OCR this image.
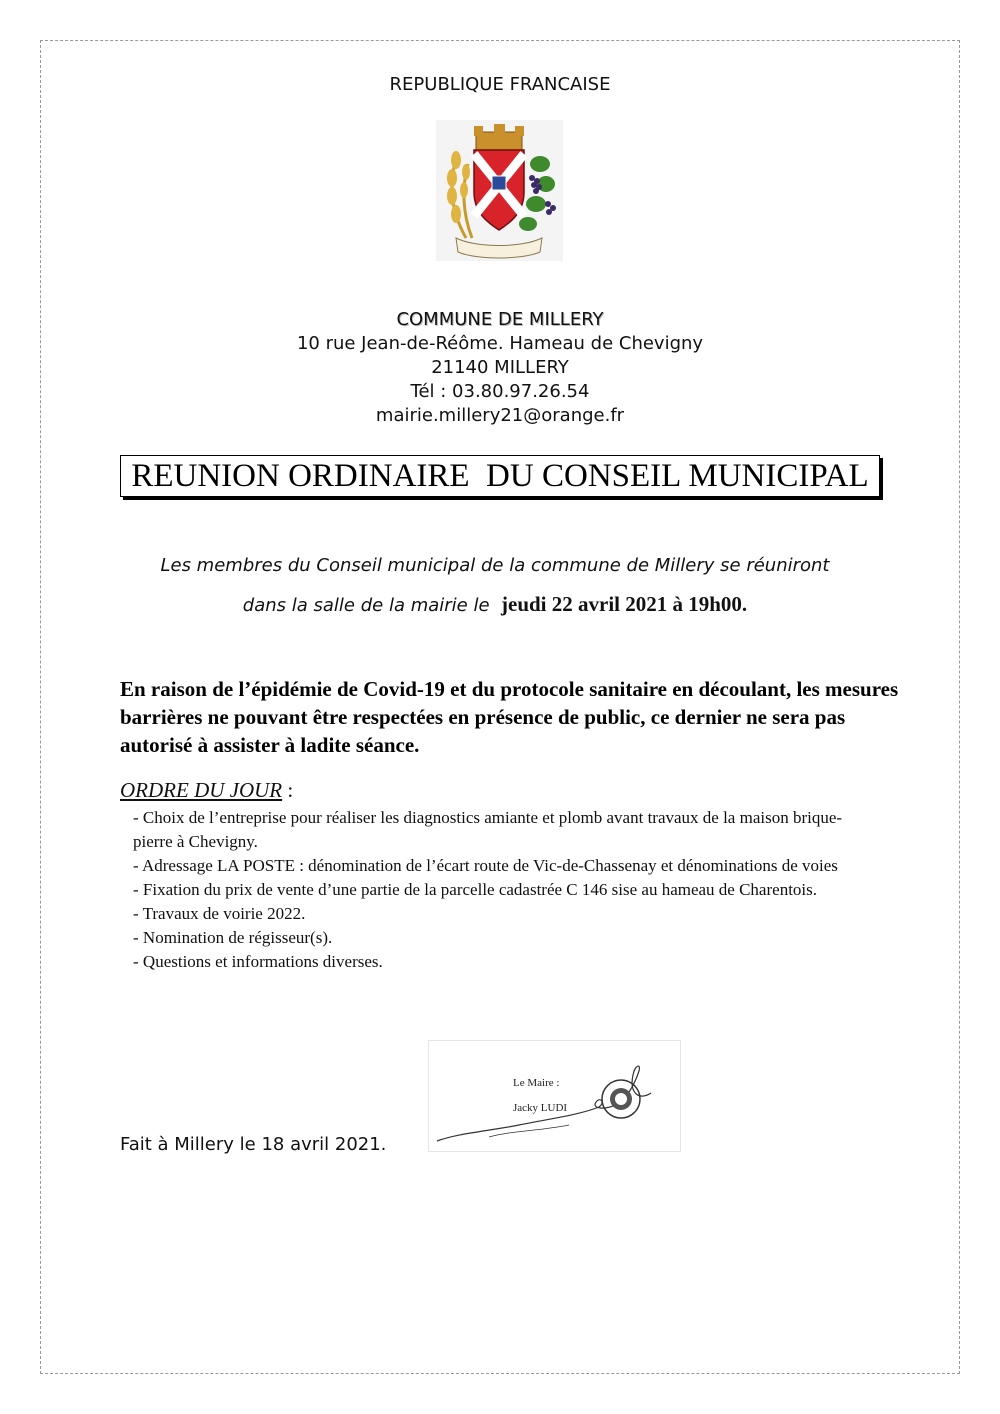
REPUBLIQUE FRANCAISE
COMMUNE DE MILLERY
10 rue Jean-de-Réôme. Hameau de Chevigny
21140 MILLERY
Tél : 03.80.97.26.54
mairie.millery21@orange.fr
REUNION ORDINAIRE  DU CONSEIL MUNICIPAL
Les membres du Conseil municipal de la commune de Millery se réuniront
dans la salle de la mairie le jeudi 22 avril 2021 à 19h00.
En raison de l’épidémie de Covid-19 et du protocole sanitaire en découlant, les mesures barrières ne pouvant être respectées en présence de public, ce dernier ne sera pas autorisé à assister à ladite séance.
ORDRE DU JOUR :
- Choix de l’entreprise pour réaliser les diagnostics amiante et plomb avant travaux de la maison brique-pierre à Chevigny.
- Adressage LA POSTE : dénomination de l’écart route de Vic-de-Chassenay et dénominations de voies
- Fixation du prix de vente d’une partie de la parcelle cadastrée C 146 sise au hameau de Charentois.
- Travaux de voirie 2022.
- Nomination de régisseur(s).
- Questions et informations diverses.
Le Maire :
Jacky LUDI
Fait à Millery le 18 avril 2021.
